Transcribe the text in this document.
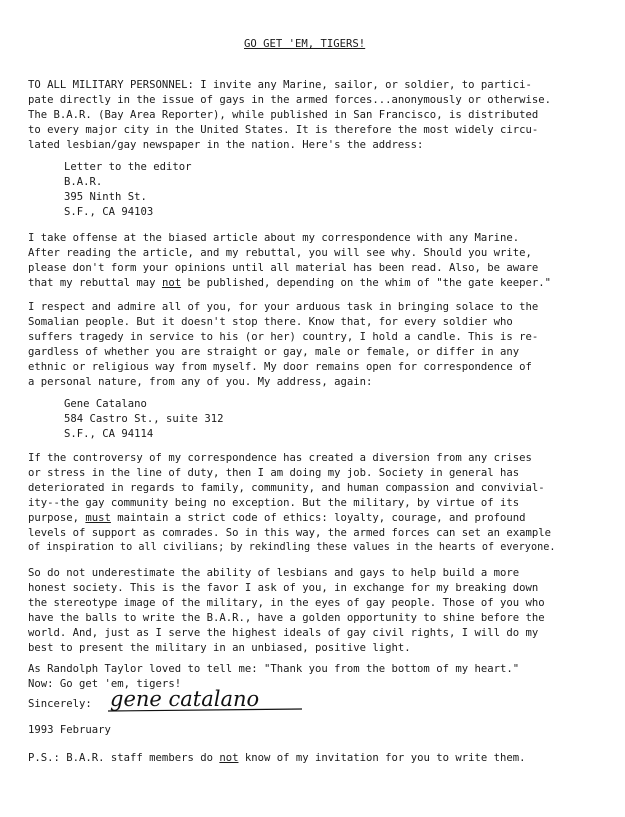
GO GET 'EM, TIGERS!
TO ALL MILITARY PERSONNEL: I invite any Marine, sailor, or soldier, to partici-
pate directly in the issue of gays in the armed forces...anonymously or otherwise.
The B.A.R. (Bay Area Reporter), while published in San Francisco, is distributed
to every major city in the United States. It is therefore the most widely circu-
lated lesbian/gay newspaper in the nation. Here's the address:
Letter to the editor
B.A.R.
395 Ninth St.
S.F., CA 94103
I take offense at the biased article about my correspondence with any Marine.
After reading the article, and my rebuttal, you will see why. Should you write,
please don't form your opinions until all material has been read. Also, be aware
that my rebuttal may not be published, depending on the whim of "the gate keeper."
I respect and admire all of you, for your arduous task in bringing solace to the
Somalian people. But it doesn't stop there. Know that, for every soldier who
suffers tragedy in service to his (or her) country, I hold a candle. This is re-
gardless of whether you are straight or gay, male or female, or differ in any
ethnic or religious way from myself. My door remains open for correspondence of
a personal nature, from any of you. My address, again:
Gene Catalano
584 Castro St., suite 312
S.F., CA 94114
If the controversy of my correspondence has created a diversion from any crises
or stress in the line of duty, then I am doing my job. Society in general has
deteriorated in regards to family, community, and human compassion and convivial-
ity--the gay community being no exception. But the military, by virtue of its
purpose, must maintain a strict code of ethics: loyalty, courage, and profound
levels of support as comrades. So in this way, the armed forces can set an example
of inspiration to all civilians; by rekindling these values in the hearts of everyone.
So do not underestimate the ability of lesbians and gays to help build a more
honest society. This is the favor I ask of you, in exchange for my breaking down
the stereotype image of the military, in the eyes of gay people. Those of you who
have the balls to write the B.A.R., have a golden opportunity to shine before the
world. And, just as I serve the highest ideals of gay civil rights, I will do my
best to present the military in an unbiased, positive light.
As Randolph Taylor loved to tell me: "Thank you from the bottom of my heart."
Now: Go get 'em, tigers!
Sincerely: gene catalano
1993 February
P.S.: B.A.R. staff members do not know of my invitation for you to write them.
